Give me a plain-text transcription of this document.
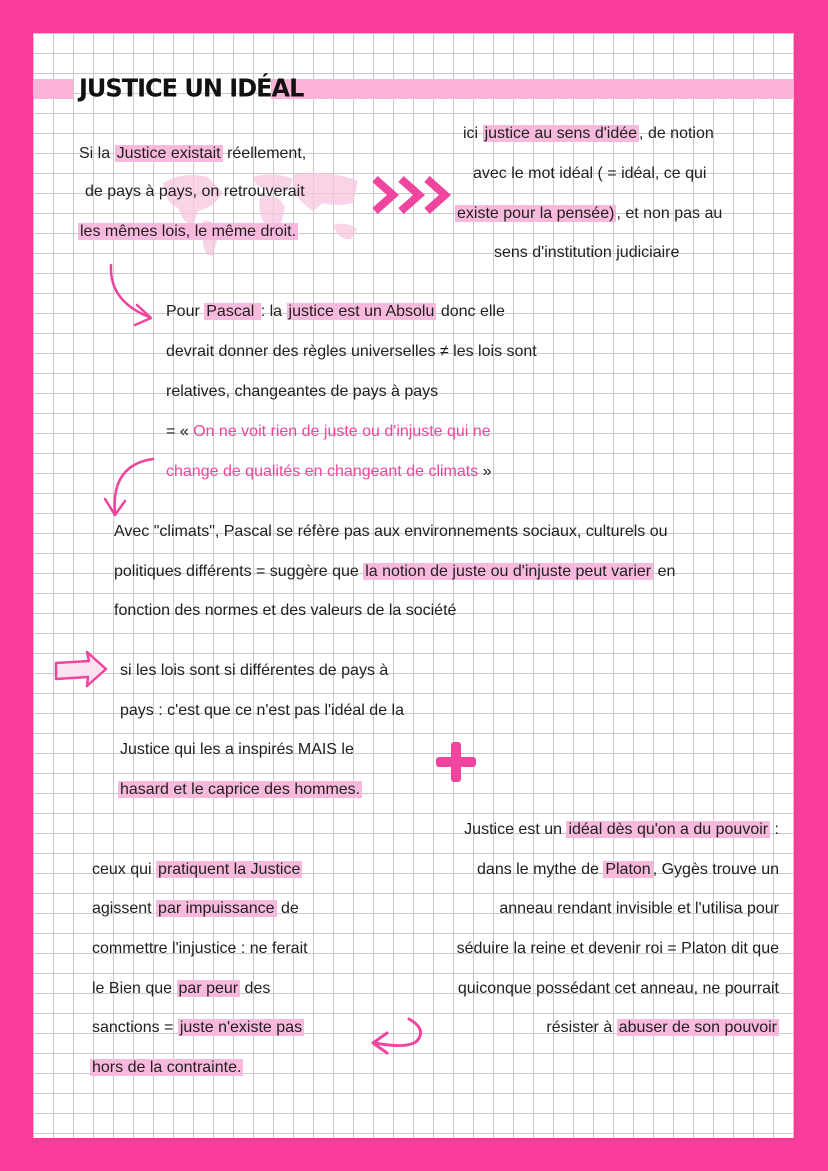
JUSTICE UN IDÉAL
Si la Justice existait réellement,
de pays à pays, on retrouverait
les mêmes lois, le même droit.
ici justice au sens d'idée , de notion
avec le mot idéal ( = idéal, ce qui
existe pour la pensée) , et non pas au
sens d'institution judiciaire
Pour Pascal : la justice est un Absolu donc elle
devrait donner des règles universelles ≠ les lois sont
relatives, changeantes de pays à pays
= « On ne voit rien de juste ou d'injuste qui ne
change de qualités en changeant de climats »
Avec "climats", Pascal se réfère pas aux environnements sociaux, culturels ou
politiques différents = suggère que la notion de juste ou d'injuste peut varier en
fonction des normes et des valeurs de la société
si les lois sont si différentes de pays à
pays : c'est que ce n'est pas l'idéal de la
Justice qui les a inspirés MAIS le
hasard et le caprice des hommes.
Justice est un idéal dès qu'on a du pouvoir :
dans le mythe de Platon , Gygès trouve un
anneau rendant invisible et l'utilisa pour
séduire la reine et devenir roi = Platon dit que
quiconque possédant cet anneau, ne pourrait
résister à abuser de son pouvoir
ceux qui pratiquent la Justice
agissent par impuissance de
commettre l'injustice : ne ferait
le Bien que par peur des
sanctions = juste n'existe pas
hors de la contrainte.
